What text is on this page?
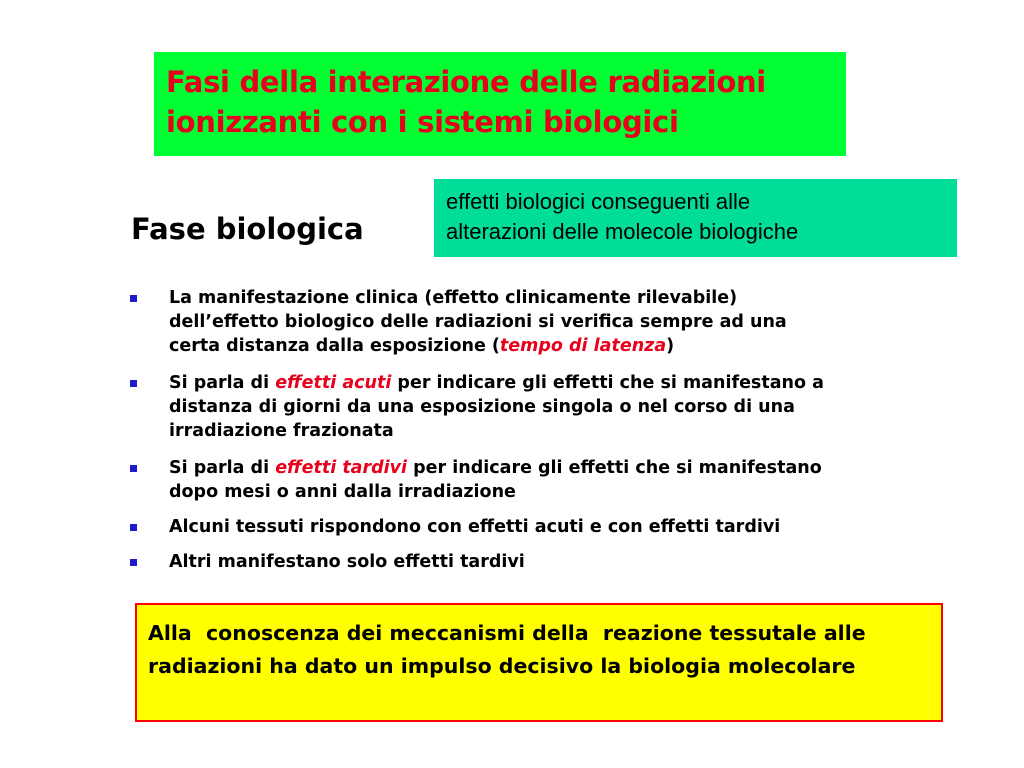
Fasi della interazione delle radiazioni
ionizzanti con i sistemi biologici
Fase biologica
effetti biologici conseguenti alle
alterazioni delle molecole biologiche
La manifestazione clinica (effetto clinicamente rilevabile)
dell’effetto biologico delle radiazioni si verifica sempre ad una
certa distanza dalla esposizione (tempo di latenza)
Si parla di effetti acuti per indicare gli effetti che si manifestano a
distanza di giorni da una esposizione singola o nel corso di una
irradiazione frazionata
Si parla di effetti tardivi per indicare gli effetti che si manifestano
dopo mesi o anni dalla irradiazione
Alcuni tessuti rispondono con effetti acuti e con effetti tardivi
Altri manifestano solo effetti tardivi
Alla  conoscenza dei meccanismi della  reazione tessutale alle
radiazioni ha dato un impulso decisivo la biologia molecolare
